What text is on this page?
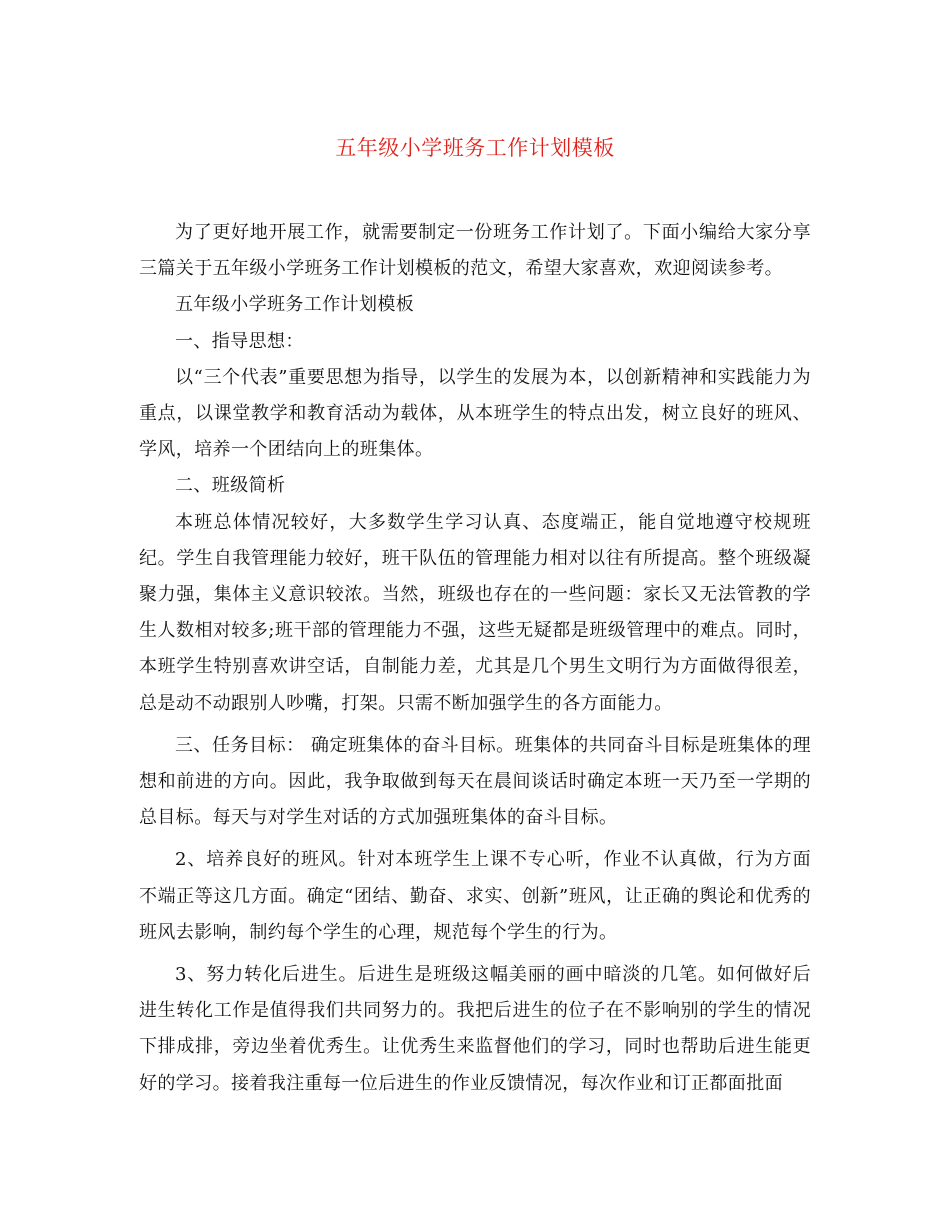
五年级小学班务工作计划模板

为了更好地开展工作，就需要制定一份班务工作计划了。下面小编给大家分享三篇关于五年级小学班务工作计划模板的范文，希望大家喜欢，欢迎阅读参考。

五年级小学班务工作计划模板

一、指导思想：

以“三个代表”重要思想为指导，以学生的发展为本，以创新精神和实践能力为重点，以课堂教学和教育活动为载体，从本班学生的特点出发，树立良好的班风、学风，培养一个团结向上的班集体。

二、班级简析

本班总体情况较好，大多数学生学习认真、态度端正，能自觉地遵守校规班纪。学生自我管理能力较好，班干队伍的管理能力相对以往有所提高。整个班级凝聚力强，集体主义意识较浓。当然，班级也存在的一些问题：家长又无法管教的学生人数相对较多;班干部的管理能力不强，这些无疑都是班级管理中的难点。同时，本班学生特别喜欢讲空话，自制能力差，尤其是几个男生文明行为方面做得很差，总是动不动跟别人吵嘴，打架。只需不断加强学生的各方面能力。

三、任务目标： 确定班集体的奋斗目标。班集体的共同奋斗目标是班集体的理想和前进的方向。因此，我争取做到每天在晨间谈话时确定本班一天乃至一学期的总目标。每天与对学生对话的方式加强班集体的奋斗目标。

2、培养良好的班风。针对本班学生上课不专心听，作业不认真做，行为方面不端正等这几方面。确定“团结、勤奋、求实、创新”班风，让正确的舆论和优秀的班风去影响，制约每个学生的心理，规范每个学生的行为。

3、努力转化后进生。后进生是班级这幅美丽的画中暗淡的几笔。如何做好后进生转化工作是值得我们共同努力的。我把后进生的位子在不影响别的学生的情况下排成排，旁边坐着优秀生。让优秀生来监督他们的学习，同时也帮助后进生能更好的学习。接着我注重每一位后进生的作业反馈情况，每次作业和订正都面批面
